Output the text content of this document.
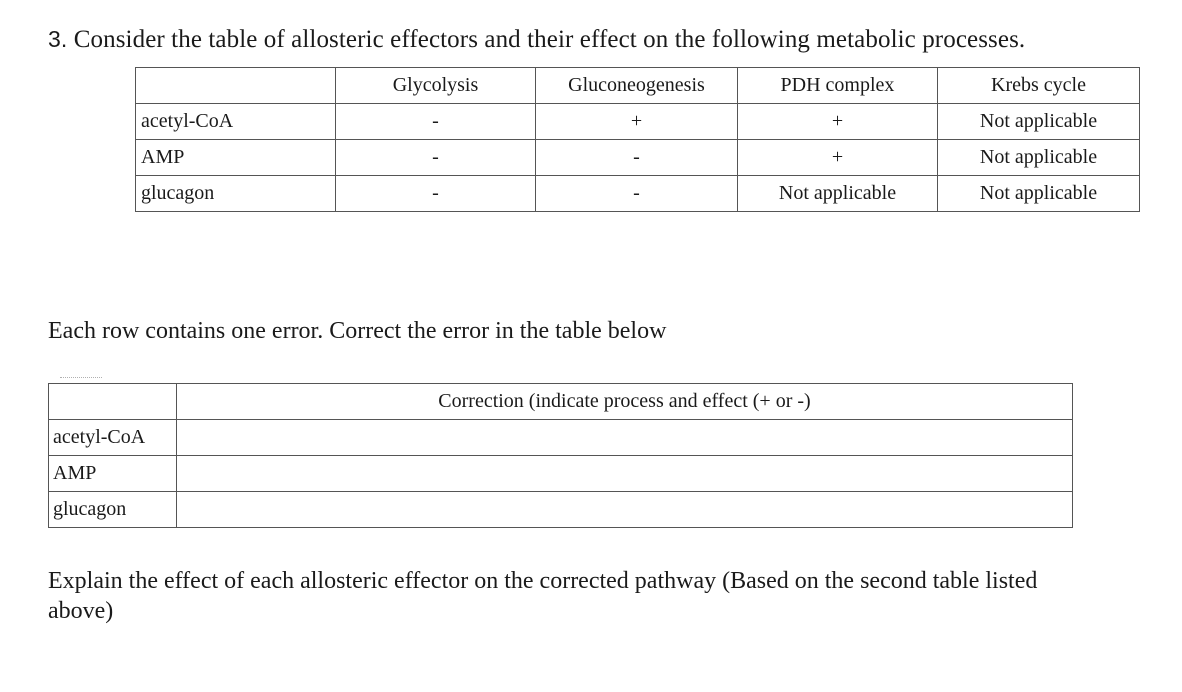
3. Consider the table of allosteric effectors and their effect on the following metabolic processes.

	Glycolysis	Gluconeogenesis	PDH complex	Krebs cycle
acetyl-CoA	-	+	+	Not applicable
AMP	-	-	+	Not applicable
glucagon	-	-	Not applicable	Not applicable

Each row contains one error. Correct the error in the table below

	Correction (indicate process and effect (+ or -)
acetyl-CoA	
AMP	
glucagon	

Explain the effect of each allosteric effector on the corrected pathway (Based on the second table listed above)
